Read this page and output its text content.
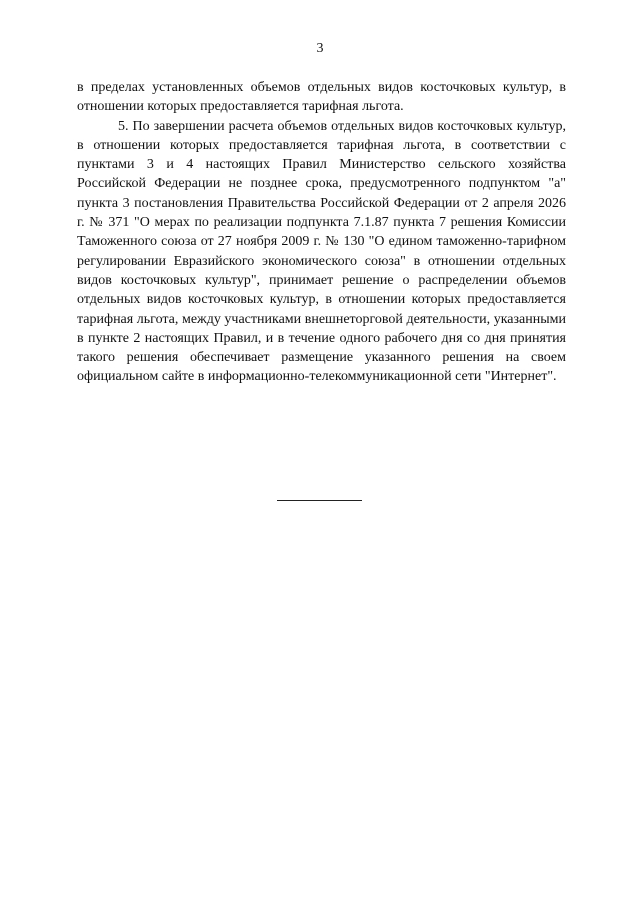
3

в пределах установленных объемов отдельных видов косточковых культур, в отношении которых предоставляется тарифная льгота.

5. По завершении расчета объемов отдельных видов косточковых культур, в отношении которых предоставляется тарифная льгота, в соответствии с пунктами 3 и 4 настоящих Правил Министерство сельского хозяйства Российской Федерации не позднее срока, предусмотренного подпунктом "а" пункта 3 постановления Правительства Российской Федерации от 2 апреля 2026 г. № 371 "О мерах по реализации подпункта 7.1.87 пункта 7 решения Комиссии Таможенного союза от 27 ноября 2009 г. № 130 "О едином таможенно-тарифном регулировании Евразийского экономического союза" в отношении отдельных видов косточковых культур", принимает решение о распределении объемов отдельных видов косточковых культур, в отношении которых предоставляется тарифная льгота, между участниками внешнеторговой деятельности, указанными в пункте 2 настоящих Правил, и в течение одного рабочего дня со дня принятия такого решения обеспечивает размещение указанного решения на своем официальном сайте в информационно-телекоммуникационной сети "Интернет".
